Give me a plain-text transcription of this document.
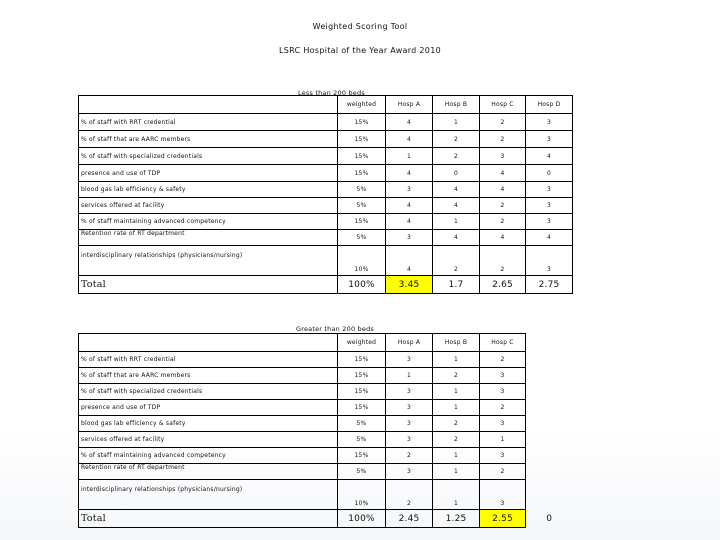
Weighted Scoring Tool
LSRC Hospital of the Year Award 2010
Less than 200 beds
	weighted	Hosp A	Hosp B	Hosp C	Hosp D
% of staff with RRT credential	15%	4	1	2	3
% of staff that are AARC members	15%	4	2	2	3
% of staff with specialized credentials	15%	1	2	3	4
presence and use of TDP	15%	4	0	4	0
blood gas lab efficiency & safety	5%	3	4	4	3
services offered at facility	5%	4	4	2	3
% of staff maintaining advanced competency	15%	4	1	2	3
Retention rate of RT department	5%	3	4	4	4
interdisciplinary relationships (physicians/nursing)	10%	4	2	2	3
Total	100%	3.45	1.7	2.65	2.75
Greater than 200 beds
	weighted	Hosp A	Hosp B	Hosp C	
% of staff with RRT credential	15%	3	1	2	
% of staff that are AARC members	15%	1	2	3	
% of staff with specialized credentials	15%	3	1	3	
presence and use of TDP	15%	3	1	2	
blood gas lab efficiency & safety	5%	3	2	3	
services offered at facility	5%	3	2	1	
% of staff maintaining advanced competency	15%	2	1	3	
Retention rate of RT department	5%	3	1	2	
interdisciplinary relationships (physicians/nursing)	10%	2	1	3	
Total	100%	2.45	1.25	2.55	0
